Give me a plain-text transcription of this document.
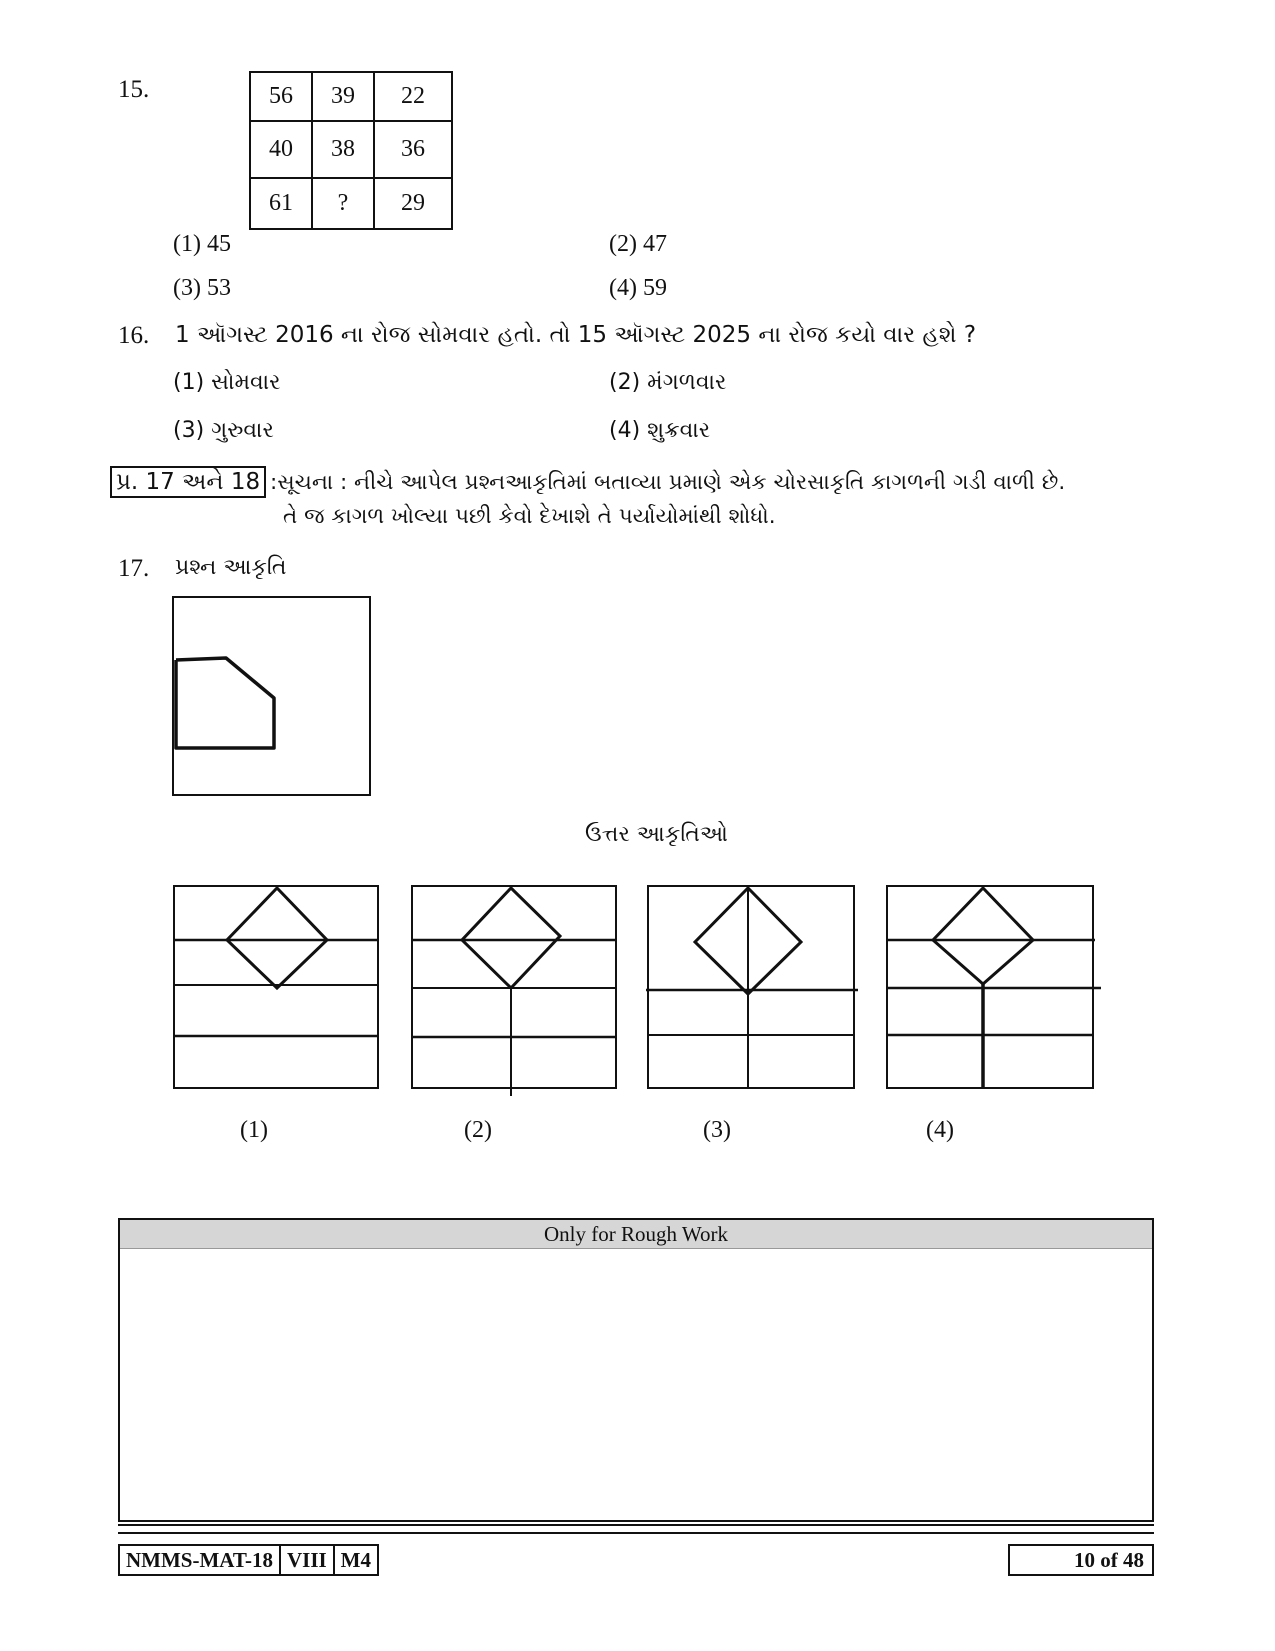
15.	56	39	22
40	38	36
61	?	29
(1) 45	(2) 47
(3) 53	(4) 59
16. 1 ઑગસ્ટ 2016 ના રોજ સોમવાર હતો. તો 15 ઑગસ્ટ 2025 ના રોજ કયો વાર હશે ?
(1) સોમવાર	(2) મંગળવાર
(3) ગુરુવાર	(4) શુક્રવાર
પ્ર. 17 અને 18 :સૂચના : નીચે આપેલ પ્રશ્નઆકૃતિમાં બતાવ્યા પ્રમાણે એક ચોરસાકૃતિ કાગળની ગડી વાળી છે.
તે જ કાગળ ખોલ્યા પછી કેવો દેખાશે તે પર્યાયોમાંથી શોધો.
17. પ્રશ્ન આકૃતિ
ઉત્તર આકૃતિઓ
(1)	(2)	(3)	(4)
Only for Rough Work
NMMS-MAT-18 VIII M4	10 of 48
